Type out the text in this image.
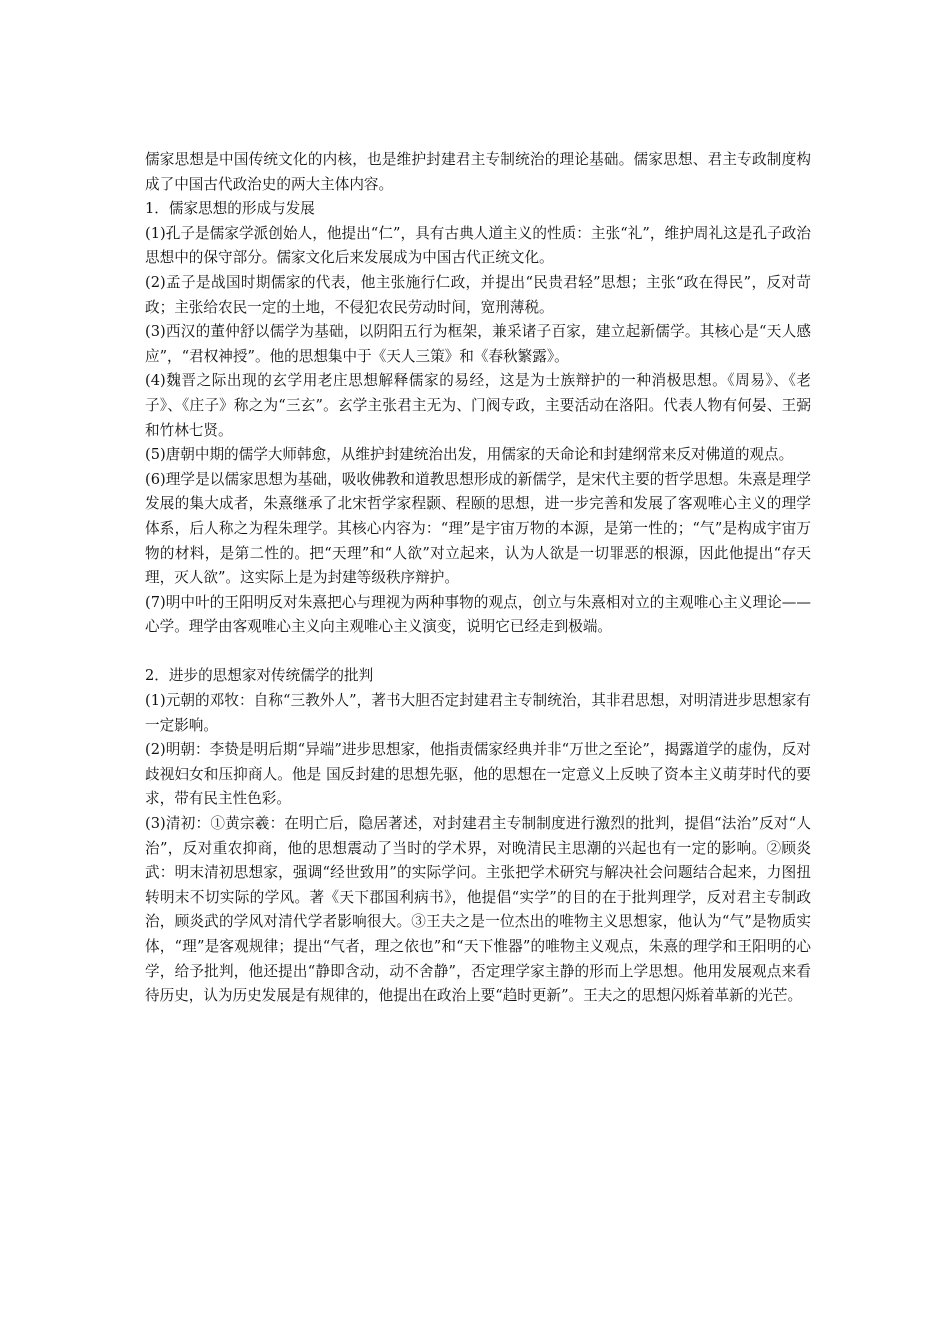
儒家思想是中国传统文化的内核，也是维护封建君主专制统治的理论基础。儒家思想、君主专政制度构成了中国古代政治史的两大主体内容。

1．儒家思想的形成与发展

(1)孔子是儒家学派创始人，他提出“仁”，具有古典人道主义的性质：主张“礼”，维护周礼这是孔子政治思想中的保守部分。儒家文化后来发展成为中国古代正统文化。

(2)孟子是战国时期儒家的代表，他主张施行仁政，并提出“民贵君轻”思想；主张“政在得民”，反对苛政；主张给农民一定的土地，不侵犯农民劳动时间，宽刑薄税。

(3)西汉的董仲舒以儒学为基础，以阴阳五行为框架，兼采诸子百家，建立起新儒学。其核心是“天人感应”，“君权神授”。他的思想集中于《天人三策》和《春秋繁露》。

(4)魏晋之际出现的玄学用老庄思想解释儒家的易经，这是为士族辩护的一种消极思想。《周易》、《老子》、《庄子》称之为“三玄”。玄学主张君主无为、门阀专政，主要活动在洛阳。代表人物有何晏、王弼和竹林七贤。

(5)唐朝中期的儒学大师韩愈，从维护封建统治出发，用儒家的天命论和封建纲常来反对佛道的观点。

(6)理学是以儒家思想为基础，吸收佛教和道教思想形成的新儒学，是宋代主要的哲学思想。朱熹是理学发展的集大成者，朱熹继承了北宋哲学家程颢、程颐的思想，进一步完善和发展了客观唯心主义的理学体系，后人称之为程朱理学。其核心内容为：“理”是宇宙万物的本源，是第一性的；“气”是构成宇宙万物的材料，是第二性的。把“天理”和“人欲”对立起来，认为人欲是一切罪恶的根源，因此他提出“存天理，灭人欲”。这实际上是为封建等级秩序辩护。

(7)明中叶的王阳明反对朱熹把心与理视为两种事物的观点，创立与朱熹相对立的主观唯心主义理论——心学。理学由客观唯心主义向主观唯心主义演变，说明它已经走到极端。

2．进步的思想家对传统儒学的批判

(1)元朝的邓牧：自称“三教外人”，著书大胆否定封建君主专制统治，其非君思想，对明清进步思想家有一定影响。

(2)明朝：李贽是明后期“异端”进步思想家，他指责儒家经典并非“万世之至论”，揭露道学的虚伪，反对歧视妇女和压抑商人。他是 国反封建的思想先驱，他的思想在一定意义上反映了资本主义萌芽时代的要求，带有民主性色彩。

(3)清初：①黄宗羲：在明亡后，隐居著述，对封建君主专制制度进行激烈的批判，提倡“法治”反对“人治”，反对重农抑商，他的思想震动了当时的学术界，对晚清民主思潮的兴起也有一定的影响。②顾炎武：明末清初思想家，强调“经世致用”的实际学问。主张把学术研究与解决社会问题结合起来，力图扭转明末不切实际的学风。著《天下郡国利病书》，他提倡“实学”的目的在于批判理学，反对君主专制政治，顾炎武的学风对清代学者影响很大。③王夫之是一位杰出的唯物主义思想家，他认为“气”是物质实体，“理”是客观规律；提出“气者，理之依也”和“天下惟器”的唯物主义观点，朱熹的理学和王阳明的心学，给予批判，他还提出“静即含动，动不舍静”，否定理学家主静的形而上学思想。他用发展观点来看待历史，认为历史发展是有规律的，他提出在政治上要“趋时更新”。王夫之的思想闪烁着革新的光芒。
